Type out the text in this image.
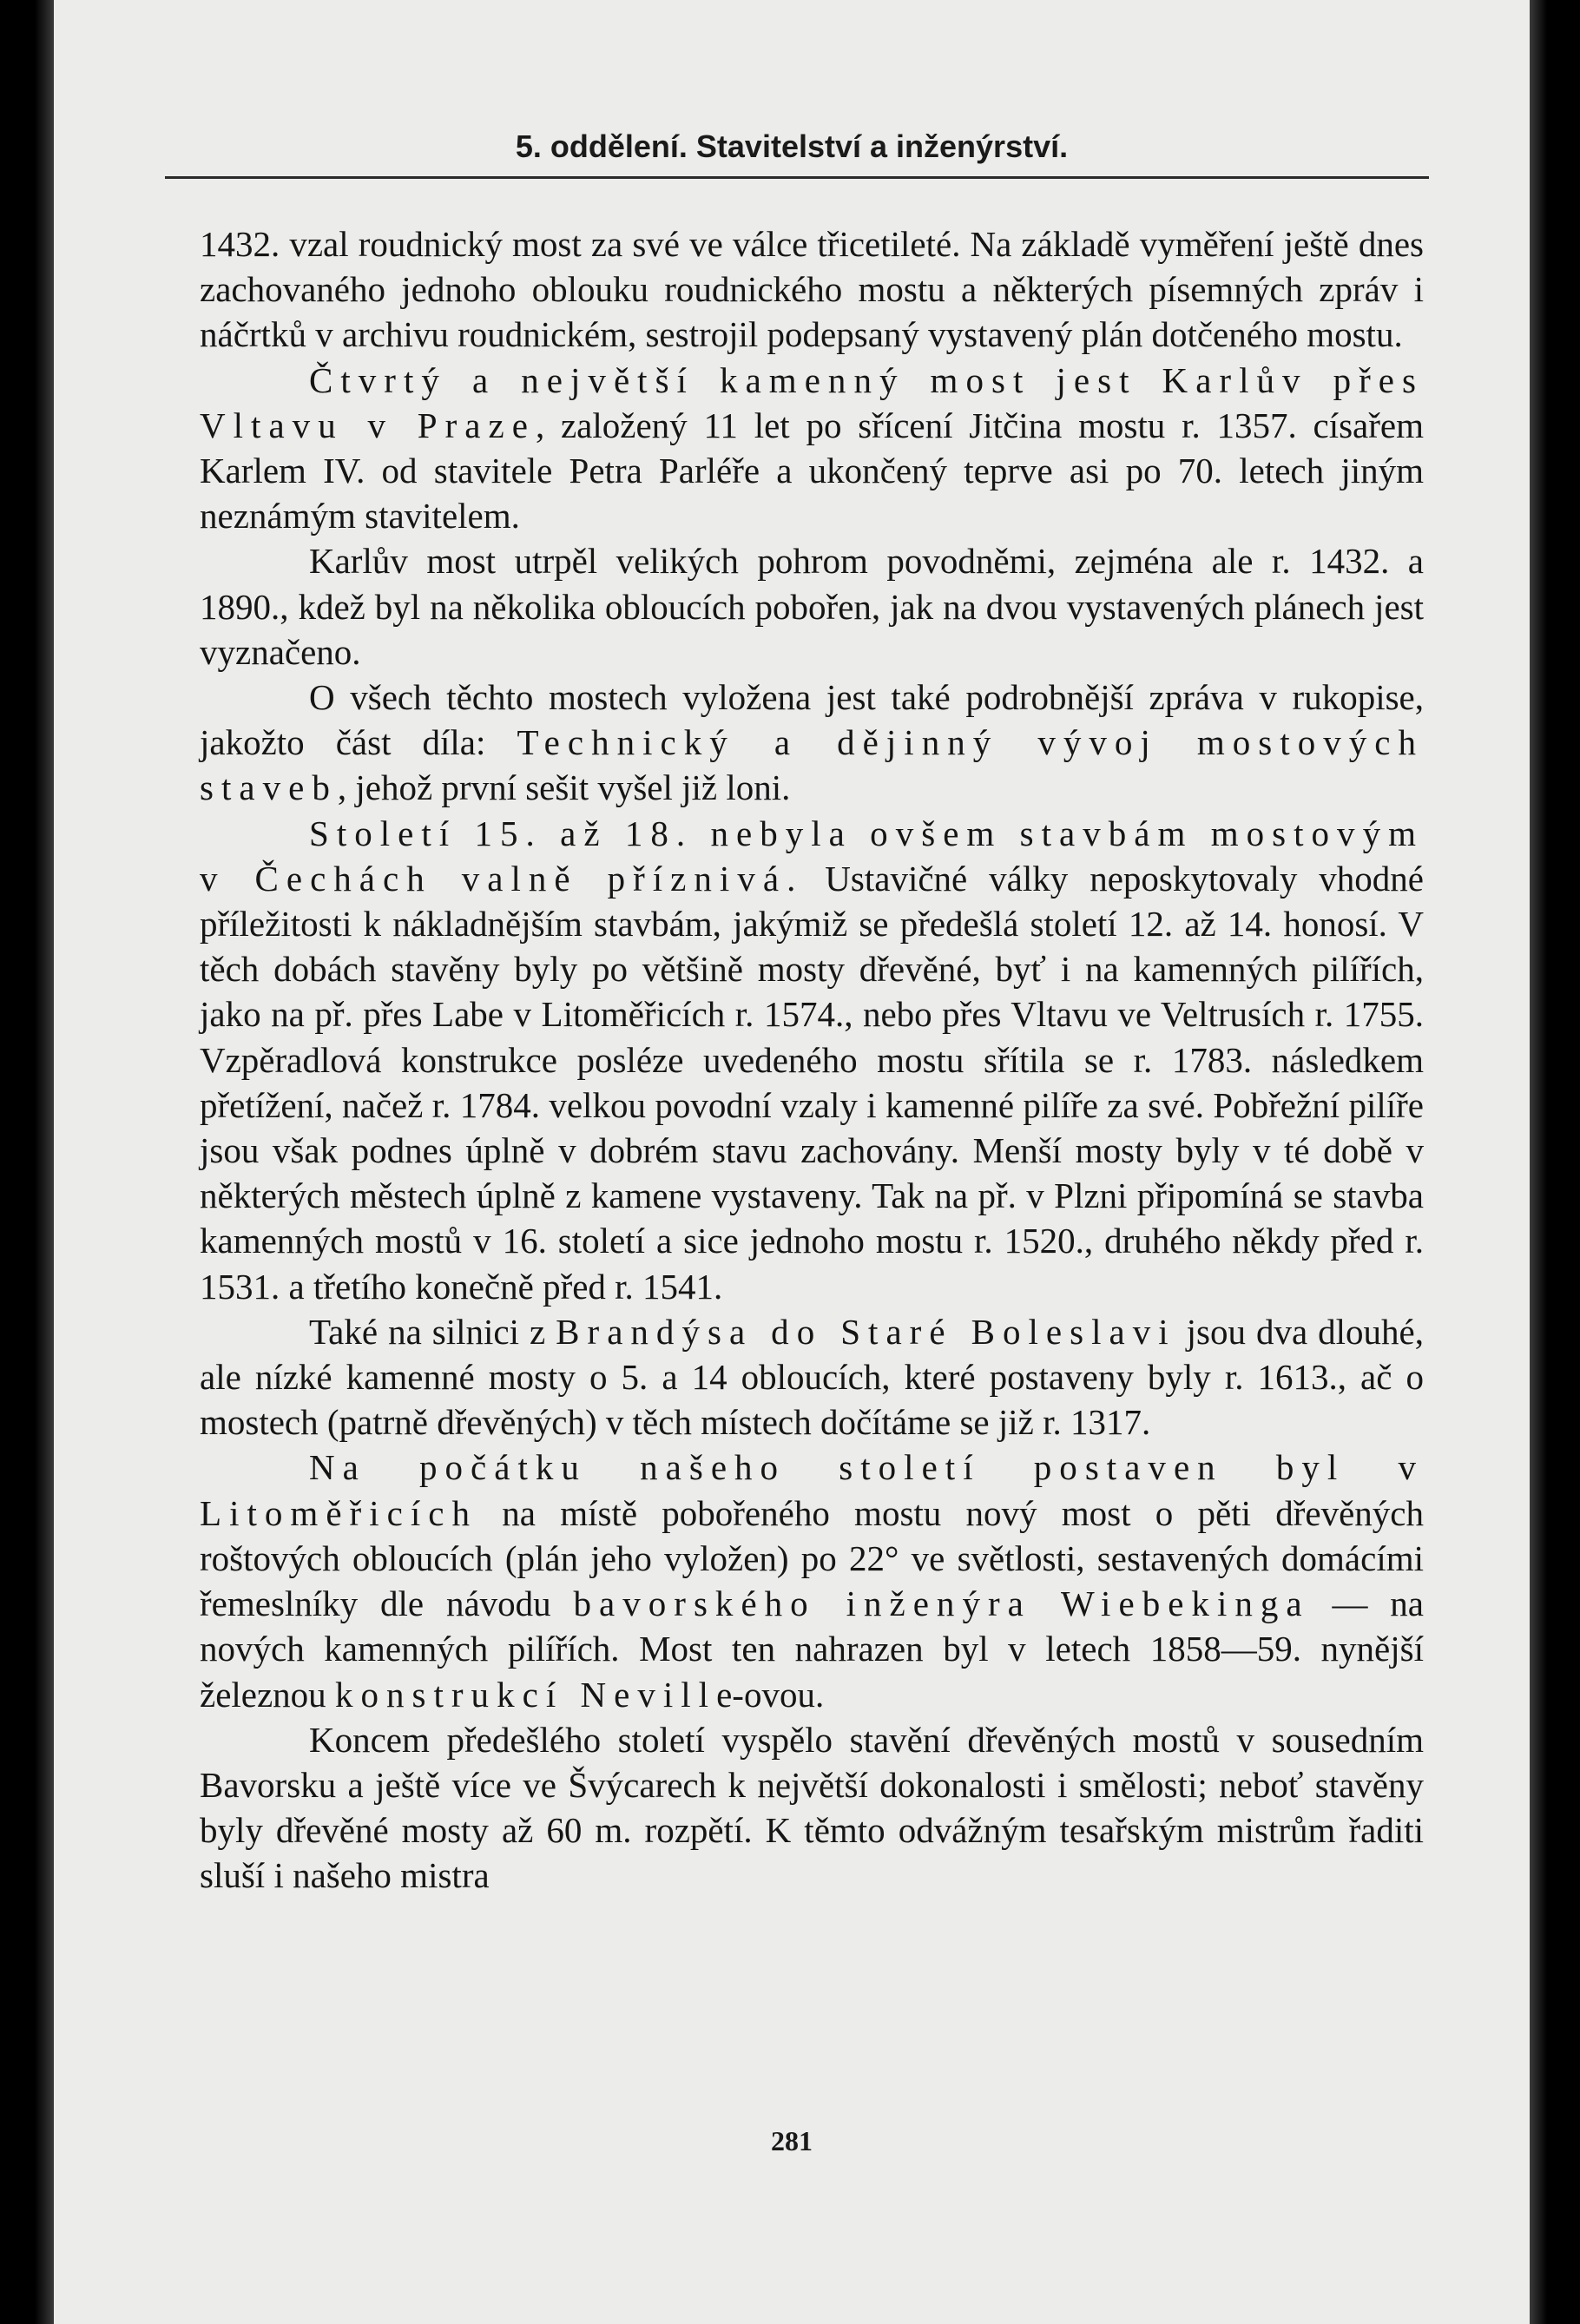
5. oddělení. Stavitelství a inženýrství.

1432. vzal roudnický most za své ve válce třicetileté. Na základě vyměření ještě dnes zachovaného jednoho oblouku roudnického mostu a některých písemných zpráv i náčrtků v archivu roudnickém, sestrojil podepsaný vystavený plán dotčeného mostu.

Čtvrtý a největší kamenný most jest Karlův přes Vltavu v Praze, založený 11 let po sřícení Jitčina mostu r. 1357. císařem Karlem IV. od stavitele Petra Parléře a ukončený teprve asi po 70. letech jiným neznámým stavitelem.

Karlův most utrpěl velikých pohrom povodněmi, zejména ale r. 1432. a 1890., kdež byl na několika obloucích pobořen, jak na dvou vystavených plánech jest vyznačeno.

O všech těchto mostech vyložena jest také podrobnější zpráva v rukopise, jakožto část díla: Technický a dějinný vývoj mostových staveb, jehož první sešit vyšel již loni.

Století 15. až 18. nebyla ovšem stavbám mostovým v Čechách valně příznivá. Ustavičné války neposkytovaly vhodné příležitosti k nákladnějším stavbám, jakýmiž se předešlá století 12. až 14. honosí. V těch dobách stavěny byly po většině mosty dřevěné, byť i na kamenných pilířích, jako na př. přes Labe v Litoměřicích r. 1574., nebo přes Vltavu ve Veltrusích r. 1755. Vzpěradlová konstrukce posléze uvedeného mostu sřítila se r. 1783. následkem přetížení, načež r. 1784. velkou povodní vzaly i kamenné pilíře za své. Pobřežní pilíře jsou však podnes úplně v dobrém stavu zachovány. Menší mosty byly v té době v některých městech úplně z kamene vystaveny. Tak na př. v Plzni připomíná se stavba kamenných mostů v 16. století a sice jednoho mostu r. 1520., druhého někdy před r. 1531. a třetího konečně před r. 1541.

Také na silnici z Brandýsa do Staré Boleslavi jsou dva dlouhé, ale nízké kamenné mosty o 5. a 14 obloucích, které postaveny byly r. 1613., ač o mostech (patrně dřevěných) v těch místech dočítáme se již r. 1317.

Na počátku našeho století postaven byl v Litoměřicích na místě pobořeného mostu nový most o pěti dřevěných roštových obloucích (plán jeho vyložen) po 22° ve světlosti, sestavených domácími řemeslníky dle návodu bavorského inženýra Wiebekinga — na nových kamenných pilířích. Most ten nahrazen byl v letech 1858—59. nynější železnou konstrukcí Neville-ovou.

Koncem předešlého století vyspělo stavění dřevěných mostů v sousedním Bavorsku a ještě více ve Švýcarech k největší dokonalosti i smělosti; neboť stavěny byly dřevěné mosty až 60 m. rozpětí. K těmto odvážným tesařským mistrům řaditi sluší i našeho mistra

281
